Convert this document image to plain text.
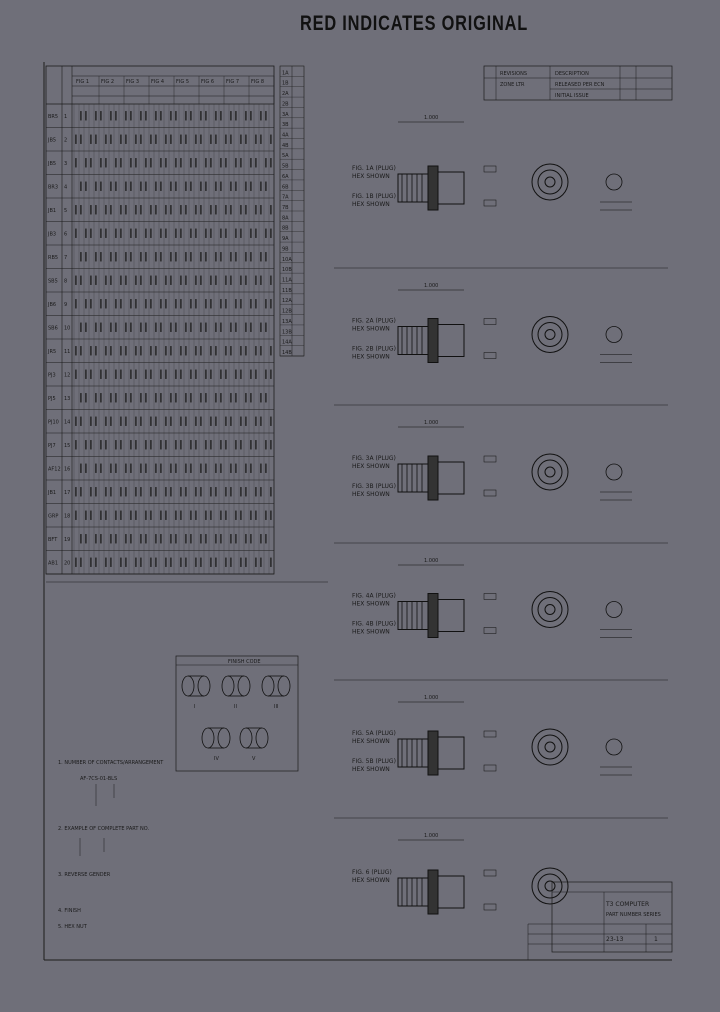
RED INDICATES ORIGINAL
FIG 1 FIG 2 FIG 3 FIG 4 FIG 5 FIG 6 FIG 7 FIG 8
BR5 1
JB5 2
JB5 3
BR3 4
JB1 5
JB3 6
RB5 7
SB5 8
JB6 9
SB6 10
JR5 11
PJ3 12
PJ5 13
PJ10 14
PJ7 15
AF12 16
JB1 17
GRP 18
BFT 19
AB1 20
1A
1B
2A
2B
3A
3B
4A
4B
5A
5B
6A
6B
7A
7B
8A
8B
9A
9B
10A
10B
11A
11B
12A
12B
13A
13B
14A
14B
REVISIONS	DESCRIPTION
ZONE LTR	RELEASED PER ECN
INITIAL ISSUE
FIG. 1A (PLUG)
HEX SHOWN
FIG. 1B (PLUG)
HEX SHOWN
1.000
FIG. 2A (PLUG)
HEX SHOWN
FIG. 2B (PLUG)
HEX SHOWN
1.000
FIG. 3A (PLUG)
HEX SHOWN
FIG. 3B (PLUG)
HEX SHOWN
1.000
FIG. 4A (PLUG)
HEX SHOWN
FIG. 4B (PLUG)
HEX SHOWN
1.000
FIG. 5A (PLUG)
HEX SHOWN
FIG. 5B (PLUG)
HEX SHOWN
1.000
FIG. 6 (PLUG)
HEX SHOWN
1.000
FINISH CODE
I	II	III
IV	V
1. NUMBER OF CONTACTS/ARRANGEMENT
AF-7CS-01-BLS
2. EXAMPLE OF COMPLETE PART NO.
3. REVERSE GENDER
4. FINISH
5. HEX NUT
T3 COMPUTER
PART NUMBER SERIES
23-13	1
